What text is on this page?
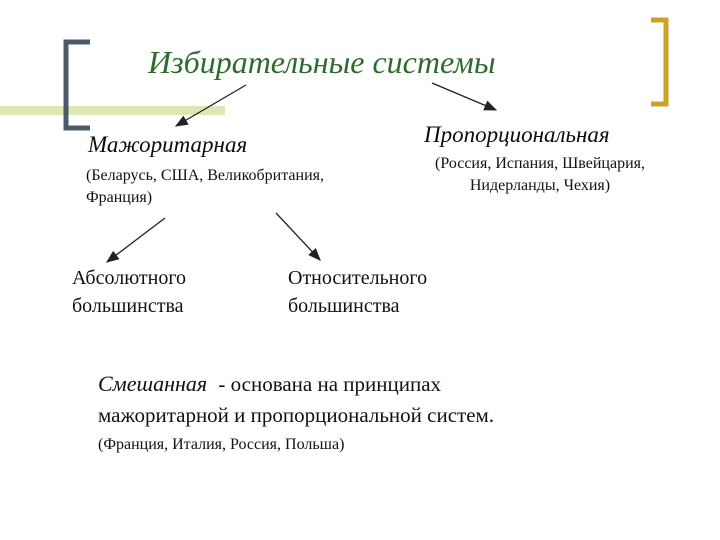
Избирательные системы
Мажоритарная
(Беларусь, США, Великобритания,
Франция)
Пропорциональная
(Россия, Испания, Швейцария,
Нидерланды, Чехия)
Абсолютного
большинства
Относительного
большинства
Смешанная - основана на принципах
мажоритарной и пропорциональной систем.
(Франция, Италия, Россия, Польша)
